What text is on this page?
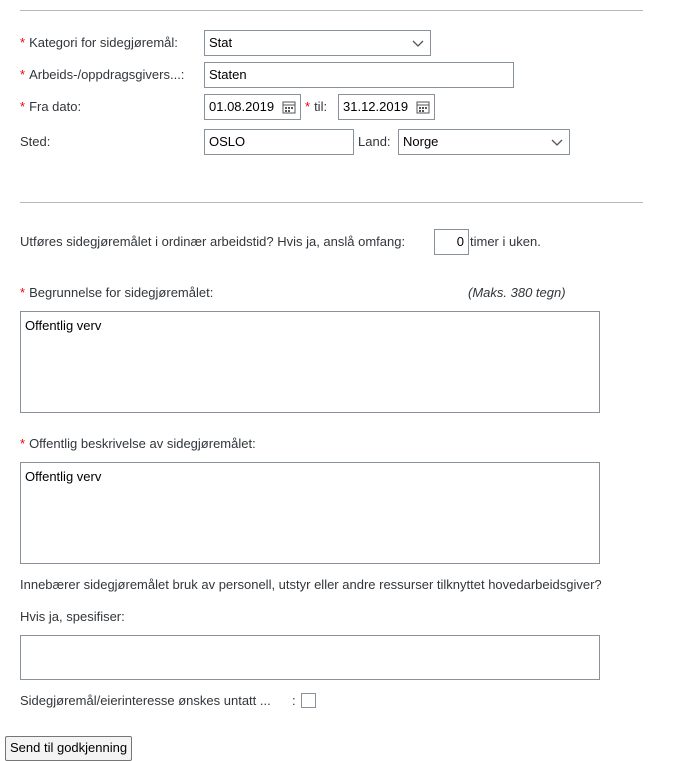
* Kategori for sidegjøremål:	Stat
* Arbeids-/oppdragsgivers...:	Staten
* Fra dato:	01.08.2019	* til:	31.12.2019
Sted:	OSLO	Land: Norge
Utføres sidegjøremålet i ordinær arbeidstid? Hvis ja, anslå omfang:	0 timer i uken.
* Begrunnelse for sidegjøremålet:	(Maks. 380 tegn)
Offentlig verv
* Offentlig beskrivelse av sidegjøremålet:
Offentlig verv
Innebærer sidegjøremålet bruk av personell, utstyr eller andre ressurser tilknyttet hovedarbeidsgiver?
Hvis ja, spesifiser:
Sidegjøremål/eierinteresse ønskes untatt ... :
Send til godkjenning
